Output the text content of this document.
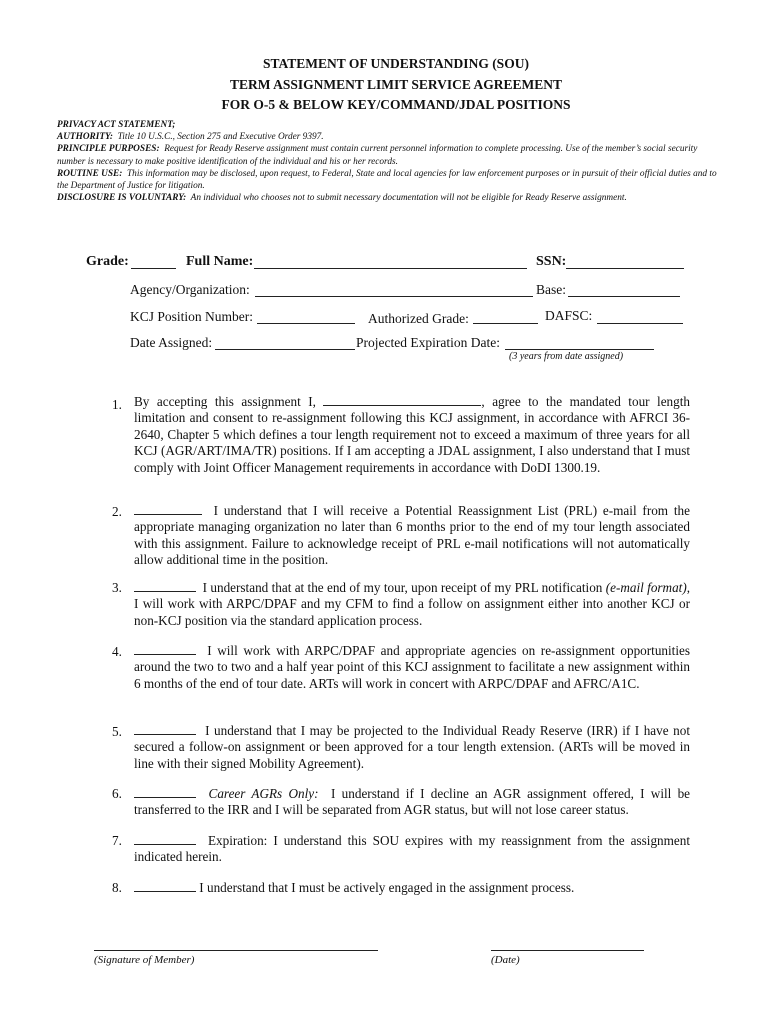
STATEMENT OF UNDERSTANDING (SOU)
TERM ASSIGNMENT LIMIT SERVICE AGREEMENT
FOR O-5 & BELOW KEY/COMMAND/JDAL POSITIONS
PRIVACY ACT STATEMENT;
AUTHORITY: Title 10 U.S.C., Section 275 and Executive Order 9397.
PRINCIPLE PURPOSES: Request for Ready Reserve assignment must contain current personnel information to complete processing. Use of the member’s social security number is necessary to make positive identification of the individual and his or her records.
ROUTINE USE: This information may be disclosed, upon request, to Federal, State and local agencies for law enforcement purposes or in pursuit of their official duties and to the Department of Justice for litigation.
DISCLOSURE IS VOLUNTARY: An individual who chooses not to submit necessary documentation will not be eligible for Ready Reserve assignment.
Grade:	Full Name:	SSN:
Agency/Organization:	Base:
KCJ Position Number:	Authorized Grade:	DAFSC:
Date Assigned:	Projected Expiration Date:
(3 years from date assigned)
1. By accepting this assignment I,	, agree to the mandated tour length limitation and consent to re-assignment following this KCJ assignment, in accordance with AFRCI 36-2640, Chapter 5 which defines a tour length requirement not to exceed a maximum of three years for all KCJ (AGR/ART/IMA/TR) positions. If I am accepting a JDAL assignment, I also understand that I must comply with Joint Officer Management requirements in accordance with DoDI 1300.19.
2.	I understand that I will receive a Potential Reassignment List (PRL) e-mail from the appropriate managing organization no later than 6 months prior to the end of my tour length associated with this assignment. Failure to acknowledge receipt of PRL e-mail notifications will not automatically allow additional time in the position.
3.	I understand that at the end of my tour, upon receipt of my PRL notification (e-mail format), I will work with ARPC/DPAF and my CFM to find a follow on assignment either into another KCJ or non-KCJ position via the standard application process.
4.	I will work with ARPC/DPAF and appropriate agencies on re-assignment opportunities around the two to two and a half year point of this KCJ assignment to facilitate a new assignment within 6 months of the end of tour date. ARTs will work in concert with ARPC/DPAF and AFRC/A1C.
5.	I understand that I may be projected to the Individual Ready Reserve (IRR) if I have not secured a follow-on assignment or been approved for a tour length extension. (ARTs will be moved in line with their signed Mobility Agreement).
6.	Career AGRs Only: I understand if I decline an AGR assignment offered, I will be transferred to the IRR and I will be separated from AGR status, but will not lose career status.
7.	Expiration: I understand this SOU expires with my reassignment from the assignment indicated herein.
8.	I understand that I must be actively engaged in the assignment process.
(Signature of Member)	(Date)
